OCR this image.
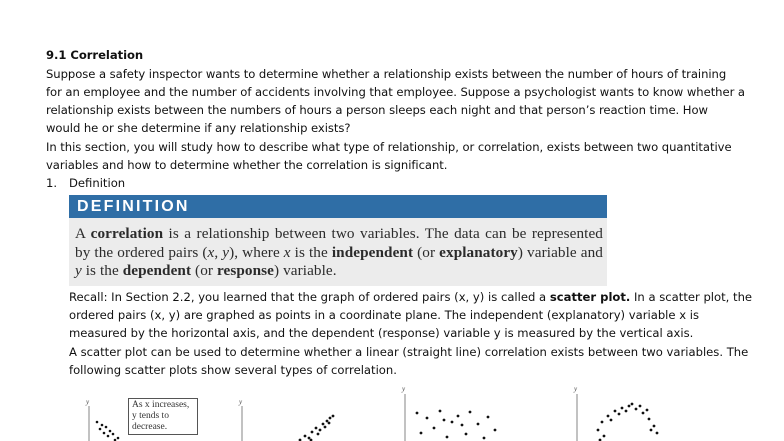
9.1 Correlation
Suppose a safety inspector wants to determine whether a relationship exists between the number of hours of training
for an employee and the number of accidents involving that employee. Suppose a psychologist wants to know whether a
relationship exists between the numbers of hours a person sleeps each night and that person’s reaction time. How
would he or she determine if any relationship exists?
In this section, you will study how to describe what type of relationship, or correlation, exists between two quantitative
variables and how to determine whether the correlation is significant.
1. Definition
DEFINITION
A correlation is a relationship between two variables. The data can be represented by the ordered pairs (x, y), where x is the independent (or explanatory) variable and y is the dependent (or response) variable.
Recall: In Section 2.2, you learned that the graph of ordered pairs (x, y) is called a scatter plot. In a scatter plot, the
ordered pairs (x, y) are graphed as points in a coordinate plane. The independent (explanatory) variable x is
measured by the horizontal axis, and the dependent (response) variable y is measured by the vertical axis.
A scatter plot can be used to determine whether a linear (straight line) correlation exists between two variables. The
following scatter plots show several types of correlation.
y	y
y	y
As x increases,
y tends to
decrease.
